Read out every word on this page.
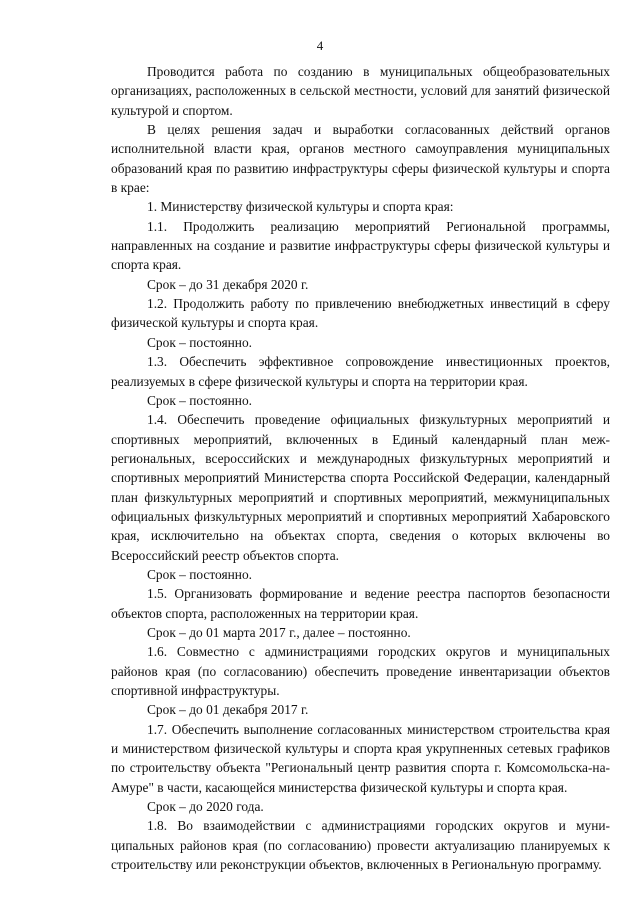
4

Проводится работа по созданию в муниципальных общеобразовательных организациях, расположенных в сельской местности, условий для занятий физической культурой и спортом.

В целях решения задач и выработки согласованных действий органов исполнительной власти края, органов местного самоуправления муниципальных образований края по развитию инфраструктуры сферы физической культуры и спорта в крае:

1. Министерству физической культуры и спорта края:

1.1. Продолжить реализацию мероприятий Региональной программы, направленных на создание и развитие инфраструктуры сферы физической культуры и спорта края.

Срок – до 31 декабря 2020 г.

1.2. Продолжить работу по привлечению внебюджетных инвестиций в сферу физической культуры и спорта края.

Срок – постоянно.

1.3. Обеспечить эффективное сопровождение инвестиционных проектов, реализуемых в сфере физической культуры и спорта на территории края.

Срок – постоянно.

1.4. Обеспечить проведение официальных физкультурных мероприятий и спортивных мероприятий, включенных в Единый календарный план межрегиональных, всероссийских и международных физкультурных мероприятий и спортивных мероприятий Министерства спорта Российской Федерации, календарный план физкультурных мероприятий и спортивных мероприятий, межмуниципальных официальных физкультурных мероприятий и спортивных мероприятий Хабаровского края, исключительно на объектах спорта, сведения о которых включены во Всероссийский реестр объектов спорта.

Срок – постоянно.

1.5. Организовать формирование и ведение реестра паспортов безопасности объектов спорта, расположенных на территории края.

Срок – до 01 марта 2017 г., далее – постоянно.

1.6. Совместно с администрациями городских округов и муниципальных районов края (по согласованию) обеспечить проведение инвентаризации объектов спортивной инфраструктуры.

Срок – до 01 декабря 2017 г.

1.7. Обеспечить выполнение согласованных министерством строительства края и министерством физической культуры и спорта края укрупненных сетевых графиков по строительству объекта "Региональный центр развития спорта г. Комсомольска-на-Амуре" в части, касающейся министерства физической культуры и спорта края.

Срок – до 2020 года.

1.8. Во взаимодействии с администрациями городских округов и муниципальных районов края (по согласованию) провести актуализацию планируемых к строительству или реконструкции объектов, включенных в Региональную программу.
